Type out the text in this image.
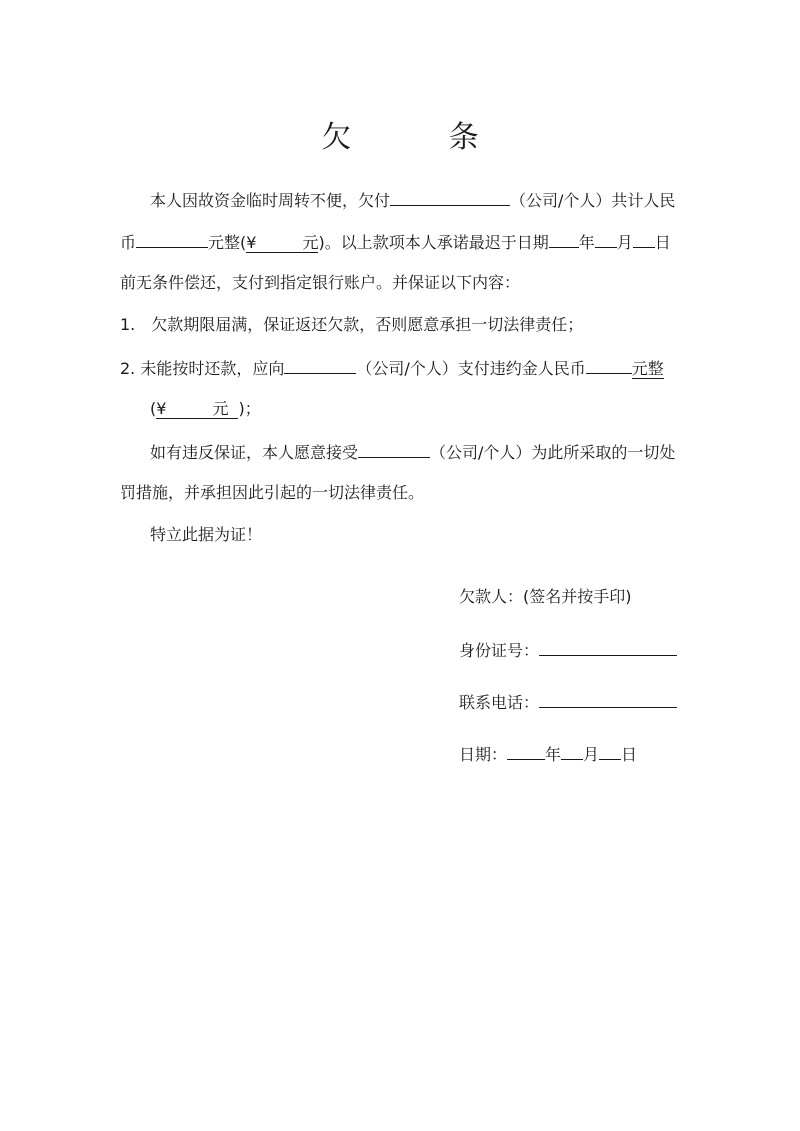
欠 条
本人因故资金临时周转不便，欠付	（公司/个人）共计人民
币	元整(¥	元)。以上款项本人承诺最迟于日期 年 月 日
前无条件偿还，支付到指定银行账户。并保证以下内容：
1. 欠款期限届满，保证返还欠款，否则愿意承担一切法律责任；
2. 未能按时还款，应向	（公司/个人）支付违约金人民币	元整
(¥	元 )；
如有违反保证，本人愿意接受	（公司/个人）为此所采取的一切处
罚措施，并承担因此引起的一切法律责任。
特立此据为证！
欠款人：(签名并按手印)
身份证号：
联系电话：
日期： 年 月 日
